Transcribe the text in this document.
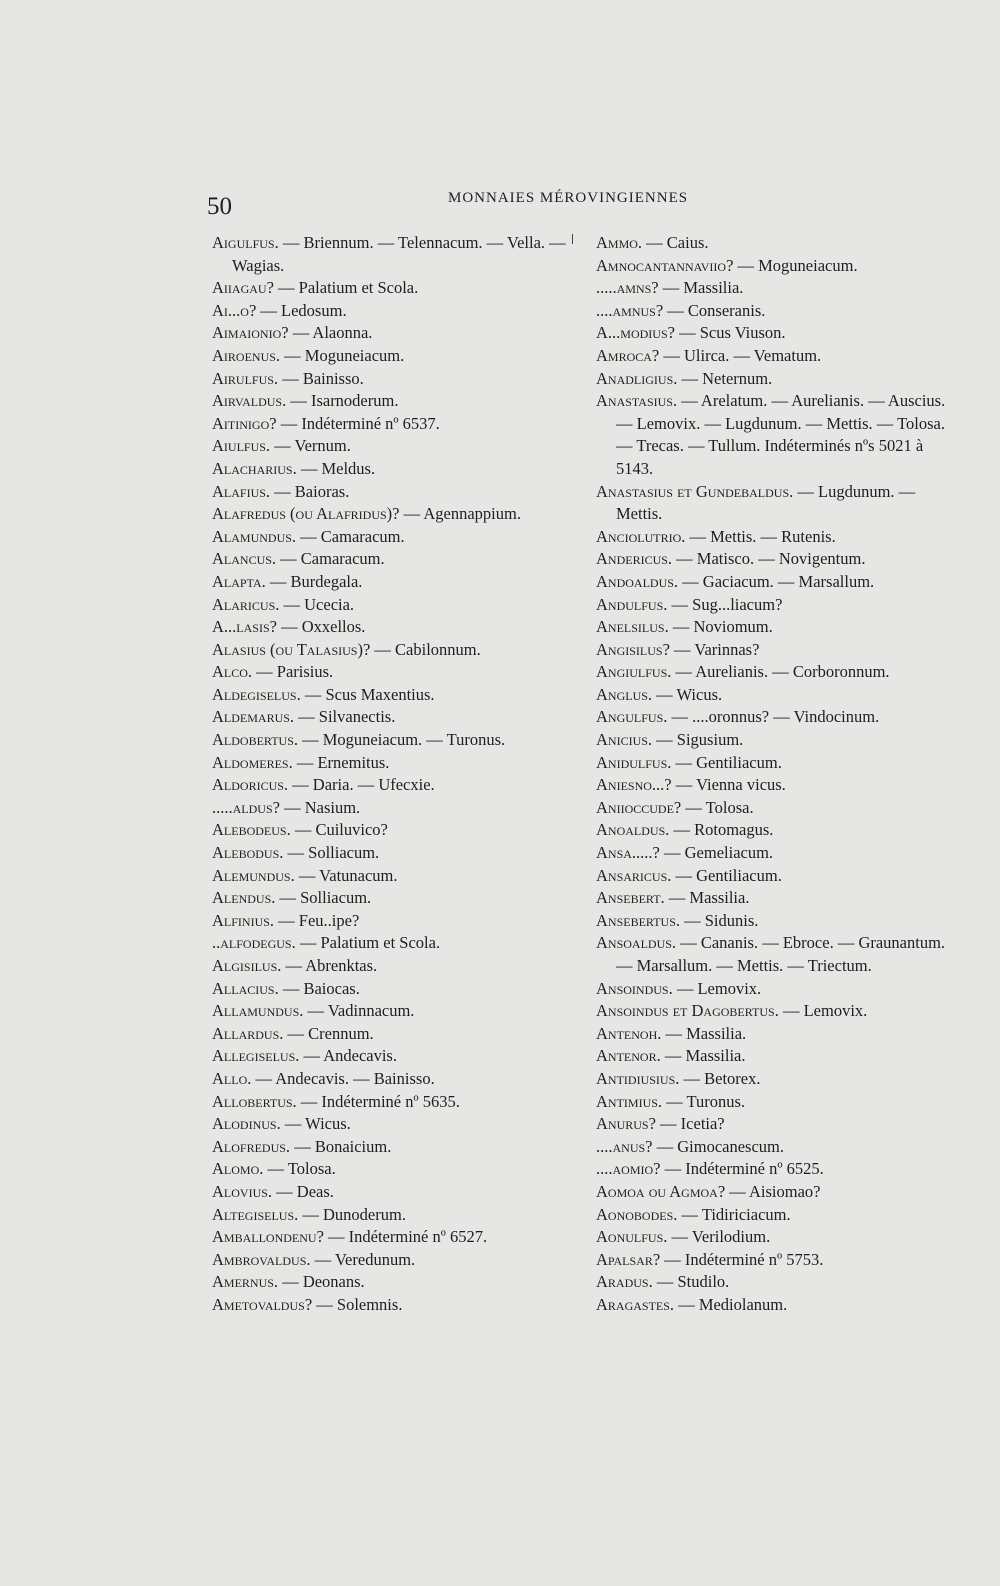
50	MONNAIES MÉROVINGIENNES
Aigulfus. — Briennum. — Telennacum. — Vella. — Wagias.
Aiiagau? — Palatium et Scola.
Ai...o? — Ledosum.
Aimaionio? — Alaonna.
Airoenus. — Moguneiacum.
Airulfus. — Bainisso.
Airvaldus. — Isarnoderum.
Aitinigo? — Indéterminé nº 6537.
Aiulfus. — Vernum.
Alacharius. — Meldus.
Alafius. — Baioras.
Alafredus (ou Alafridus)? — Agennappium.
Alamundus. — Camaracum.
Alancus. — Camaracum.
Alapta. — Burdegala.
Alaricus. — Ucecia.
A...lasis? — Oxxellos.
Alasius (ou Talasius)? — Cabilonnum.
Alco. — Parisius.
Aldegiselus. — Scus Maxentius.
Aldemarus. — Silvanectis.
Aldobertus. — Moguneiacum. — Turonus.
Aldomeres. — Ernemitus.
Aldoricus. — Daria. — Ufecxie.
.....aldus? — Nasium.
Alebodeus. — Cuiluvico?
Alebodus. — Solliacum.
Alemundus. — Vatunacum.
Alendus. — Solliacum.
Alfinius. — Feu..ipe?
..alfodegus. — Palatium et Scola.
Algisilus. — Abrenktas.
Allacius. — Baiocas.
Allamundus. — Vadinnacum.
Allardus. — Crennum.
Allegiselus. — Andecavis.
Allo. — Andecavis. — Bainisso.
Allobertus. — Indéterminé nº 5635.
Alodinus. — Wicus.
Alofredus. — Bonaicium.
Alomo. — Tolosa.
Alovius. — Deas.
Altegiselus. — Dunoderum.
Amballondenu? — Indéterminé nº 6527.
Ambrovaldus. — Veredunum.
Amernus. — Deonans.
Ametovaldus? — Solemnis.
Ammo. — Caius.
Amnocantannaviio? — Moguneiacum.
.....amns? — Massilia.
....amnus? — Conseranis.
A...modius? — Scus Viuson.
Amroca? — Ulirca. — Vematum.
Anadligius. — Neternum.
Anastasius. — Arelatum. — Aurelianis. — Auscius. — Lemovix. — Lugdunum. — Mettis. — Tolosa. — Trecas. — Tullum. Indéterminés nºs 5021 à 5143.
Anastasius et Gundebaldus. — Lugdunum. — Mettis.
Anciolutrio. — Mettis. — Rutenis.
Andericus. — Matisco. — Novigentum.
Andoaldus. — Gaciacum. — Marsallum.
Andulfus. — Sug...liacum?
Anelsilus. — Noviomum.
Angisilus? — Varinnas?
Angiulfus. — Aurelianis. — Corboronnum.
Anglus. — Wicus.
Angulfus. — ....oronnus? — Vindocinum.
Anicius. — Sigusium.
Anidulfus. — Gentiliacum.
Aniesno...? — Vienna vicus.
Aniioccude? — Tolosa.
Anoaldus. — Rotomagus.
Ansa.....? — Gemeliacum.
Ansaricus. — Gentiliacum.
Ansebert. — Massilia.
Ansebertus. — Sidunis.
Ansoaldus. — Cananis. — Ebroce. — Graunantum. — Marsallum. — Mettis. — Triectum.
Ansoindus. — Lemovix.
Ansoindus et Dagobertus. — Lemovix.
Antenoh. — Massilia.
Antenor. — Massilia.
Antidiusius. — Betorex.
Antimius. — Turonus.
Anurus? — Icetia?
....anus? — Gimocanescum.
....aomio? — Indéterminé nº 6525.
Aomoa ou Agmoa? — Aisiomao?
Aonobodes. — Tidiriciacum.
Aonulfus. — Verilodium.
Apalsar? — Indéterminé nº 5753.
Aradus. — Studilo.
Aragastes. — Mediolanum.
